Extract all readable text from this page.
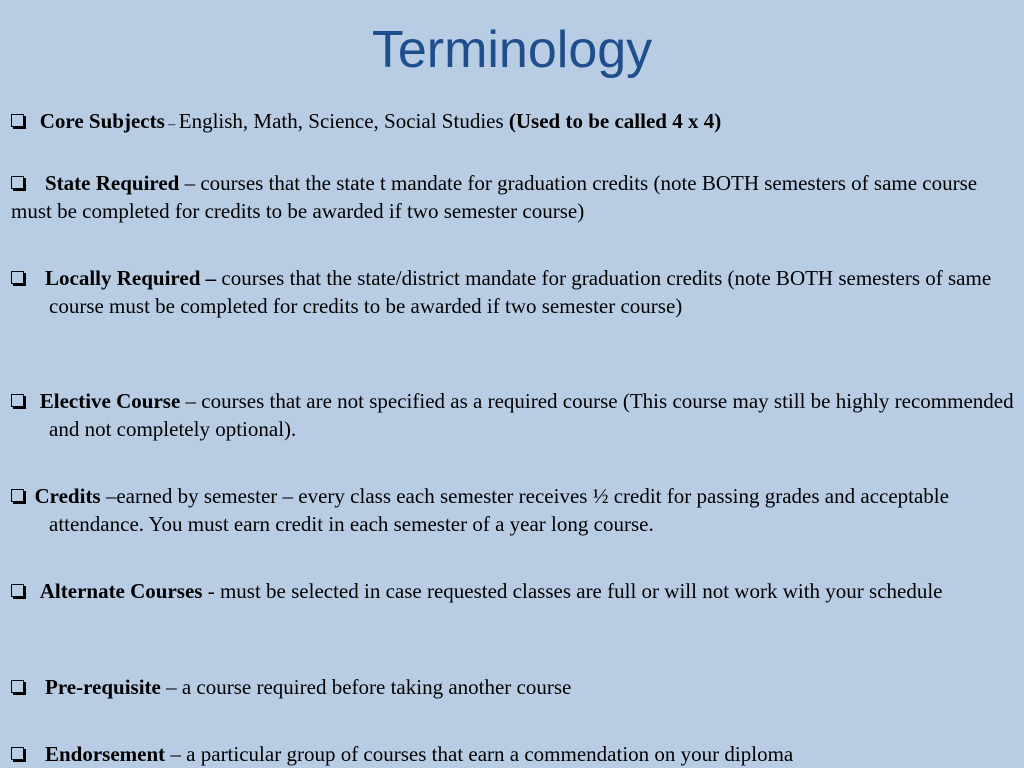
Terminology

Core Subjects – English, Math, Science, Social Studies (Used to be called 4 x 4)

State Required – courses that the state t mandate for graduation credits (note BOTH semesters of same course must be completed for credits to be awarded if two semester course)

Locally Required – courses that the state/district mandate for graduation credits (note BOTH semesters of same course must be completed for credits to be awarded if two semester course)

Elective Course – courses that are not specified as a required course (This course may still be highly recommended and not completely optional).

Credits –earned by semester – every class each semester receives ½ credit for passing grades and acceptable attendance. You must earn credit in each semester of a year long course.

Alternate Courses - must be selected in case requested classes are full or will not work with your schedule

Pre-requisite – a course required before taking another course

Endorsement – a particular group of courses that earn a commendation on your diploma
